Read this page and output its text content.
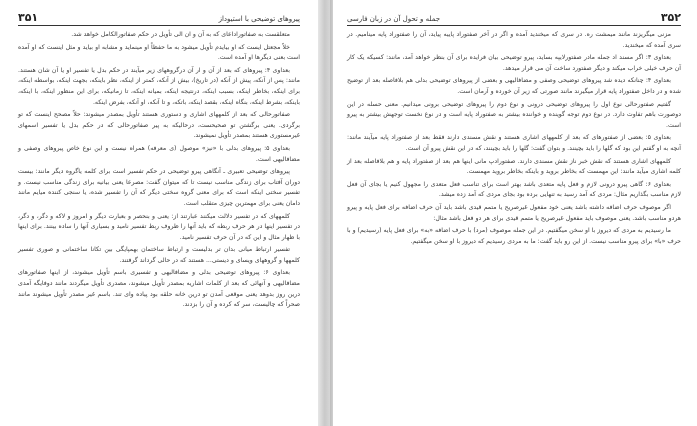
۳۵۱	پیروهای توضیحی با استیوداز

متعلقست به صفاتوراداعای که به آن و ان الی تأویل در حکم صفاتورالکامل خواهد شد.

خلاً مجعتل ایست که او بیایدم تأویل میشود به ما حفظاً او مینماید و مشابه او بیاید و مثل اینست که او آمده است بعنی دیگرها او آمده است.

بعداوی ۴: پیروهای که بعد از آن و ار آن درگروههای زیر میآیند در حکم بدل یا تفسیر او یا آن شان هستند. مانند: پس از آنکه، پیش از آنکه (در تاریخ)، بیش از آنکه، کمتر از اینکه، نظر باینکه، بجهت اینکه، بواسطه اینکه، برای اینکه، بخاطر اینکه، بسبب اینکه، درنتیجه اینکه، بمیانه اینکه، تا زمانیکه، برای این منظور اینکه، با اینکه، باینکه، بشرط اینکه، بنگاه اینکه، بقصد اینکه، باتکه، و تا آنکه، او آنکه، بفرض اینکه.

صفاتورحالی که بعد از کلمههای اشاری و دستوری هستند تأویل بمصدر میشوند: حلاً مصحح اینست که تو برگردی. یعنی برگشتن تو صحیحست، درحالیکه به پیر صفاتورحالی که در حکم بدل یا تفسیر اسمهای غیرمستوری هستند بمصدر تأویل نمیشوند.

بعداوی ۵: پیروهای بدلی با «نیز» موصول (ی معرفه) همراه نیست و این نوع خاص پیروهای وصفی و مضافالیهی است.

پیروهای توضیحی تعبیری ـ آنگاهی پیرو توضیحی در حکم تفسیر است برای کلمه یاگروه دیگر مانند: بیست دوران آفتاب برای زندگی مناسب نیست تا که میتوان گفت: مصرعا یعنی بیانیه برای زندگی مناسب نیست. و تفسیر سختی اینکه است که برای معنی گروه سختی دیگر که آن را تفسیر شده، یا سنجی کننده میایم مانند دامان یعنی برای مهمترین چیزی متقلب است.

کلمههای که در تفسیر دلالت میکنند عبارتند از: یعنی و بنحصر و بعبارت دیگر و امروز و لاکه و دگر، و دگر، در تفسیر اینها در هر حرف ربطه که باید آنها را ظروف ربط تفسیر نامید و بسیاری آنها را ساده بینند. برای اینها با ظهار مثال و این که در آن حرف تفسیر نامید.

تفسیر ارتباط میانی بدان تر بدلیست و ارتباط ساختمان بهمپایگی بین تکانا ساختمانی و صوری تفسیر کلمهها و گروههای ویسای و دیستی... هستند که در حالی گرداند گرفتند.

بعداوی ۶: پیروهای توضیحی بدلی و مضافالیهی و تفسیری باسم تأویل میشوند، از اینها صفاتورهای مضافالیهی و آنهائی که بعد از کلمات اشاریه بمصدر تأویل میشوند، مصدری تأویل میگردند مانند دوفایگه آمدی درین روز بدوهد یعنی موقعی آمدن تو درین خانه حلقه بود پیاده وای تند. باسم غیر مصدر تأویل میشوند مانند صحراً که چالیست، سر که کرده و آن را بزدند.

جمله و تحول آن در زبان فارسی	۳۵۲

مزنی میگریزند مانند میمشت ره. در سری که میخندید آمده و اگر در آخر صفتوراد پاییه پیاید، آن را صفتوراد پایه مینامیم. در سری آمده که میخندید.

بعداوی ۳: اگر مسند اد جمله مادر صفتورلایپه بساید، پیرو توضیحی بیان فرایده برای آن بنظر خواهد آمد، مانند: کسیکه یک کار آن حرف خیلی خراب میکند و دیگر صفتورد ساخت آن می قرار میدهد.

بعداوی ۴: چنانکه دیده شد پیروهای توضیحی وصفی و مضافالیهی و بعضی از پیروهای توضیحی بدلی هم بلافاصله بعد از توضیح شده و در داخل صفتوراد پایه قرار میگیرند مانند صورتی که زیر آن خورده و آرمان است.

گفتیم صفتورحالی نوع اول را پیروهای توضیحی درونی و نوع دوم را پیروهای توضیحی برونی میدانیم. معنی حسله در این دوصورت باهم تفاوت دارد. در نوع دوم توجه گوینده و خواننده بیشتر به صفتوراد پایه است و در نوع نخست توجهش بیشتر به پیرو است.

بعداوی ۵: بعضی از صفتورهای که بعد از کلمههای اشاری هستند و نقش مسندی دارند فقط بعد از صفتوراد پایه میآیند مانند: آنچه به او گفتم این بود که گلها را باید بچینند. و بتوان گفت: گلها را باید بچینند، که در این نقش پیرو آن است.

کلمههای اشاری هستند که نقش خبر ناز نقش مسندی دارند. صفتورادپ مانی اینها هم بعد از صفتوراد پایه و هم بلافاصله بعد از کلمه اشاری میآید مانند: این مهمست که بخاطر بروید و باینکه بخاطر بروید مهمست.

بعداوی ۶: گاهی پیرو درونی لازم و فعل پایه متعدی باشد بهتر است برای تناسب فعل متعدی را مجهول کنیم یا بجای آن فعل لازم مناسب بگذاریم مثال: مردی که آمد رسید به تنهایی برده بود بجای مردی که آمد زده میشد.

اگر موصوف حرف اضافه داشته باشد یعنی خود مفعول غیرصریح یا متمم قیدی باشد باید آن حرف اضافه برای فعل پایه و پیرو هردو مناسب باشد. یعنی موصوف باید مفعول غیرصریح یا متمم قیدی برای هر دو فعل باشد مثال:

ما رسیدیم به مردی که دیروز با او سخن میگفتیم. در این جمله موصوف (مرد) با حرف اضافه «به» برای فعل پایه (رسیدیم) و با حرف «با» برای پیرو مناسب نیست. از این رو باید گفت: ما به مردی رسیدیم که دیروز با او سخن میگفتیم.
